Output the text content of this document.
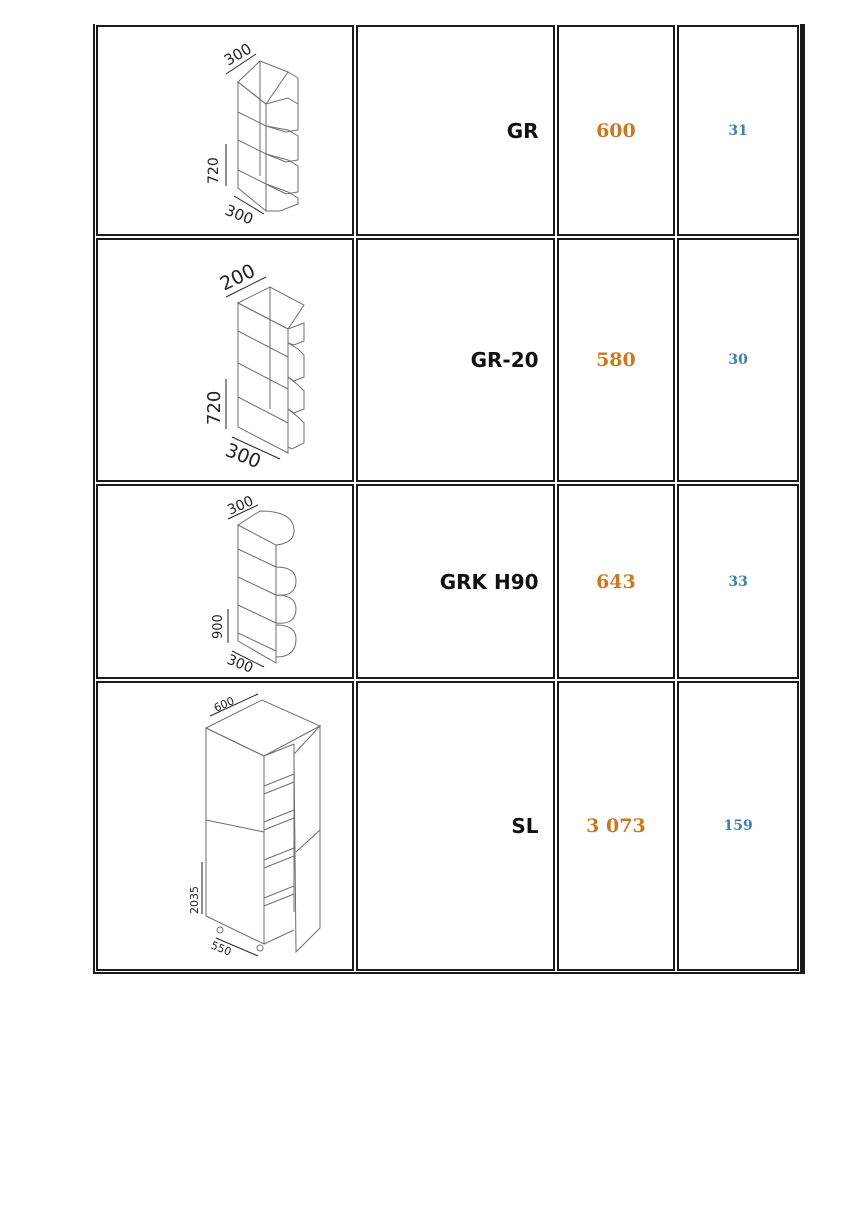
300
720
300
GR	600	31
200
720
300
GR-20	580	30
300
900
300
GRK H90	643	33
600
2035
550
SL	3 073	159
